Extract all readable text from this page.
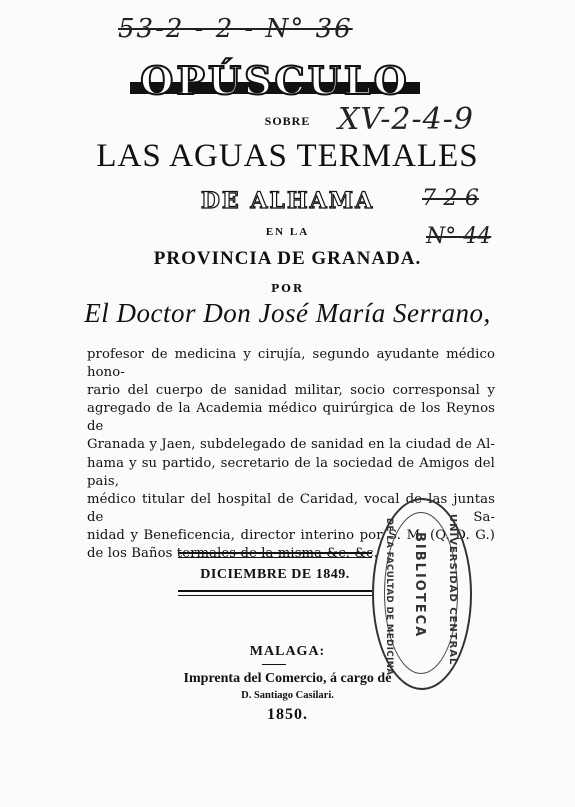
53-2 - 2 - N° 36
XV-2-4-9
7-2-6
N° 44
OPÚSCULO
SOBRE
LAS AGUAS TERMALES
DE ALHAMA
EN LA
PROVINCIA DE GRANADA.
POR
El Doctor Don José María Serrano,
profesor de medicina y cirujía, segundo ayudante médico hono-
rario del cuerpo de sanidad militar, socio corresponsal y
agregado de la Academia médico quirúrgica de los Reynos de
Granada y Jaen, subdelegado de sanidad en la ciudad de Al-
hama y su partido, secretario de la sociedad de Amigos del pais,
médico titular del hospital de Caridad, vocal de las juntas de Sa-
nidad y Beneficencia, director interino por S. M. (Q. D. G.)
de los Baños termales de la misma &c. &c.
DICIEMBRE DE 1849.
MALAGA:
Imprenta del Comercio, á cargo de
D. Santiago Casilari.
1850.
UNIVERSIDAD CENTRAL
DE LA FACULTAD DE MEDICINA BIBLIOTECA
